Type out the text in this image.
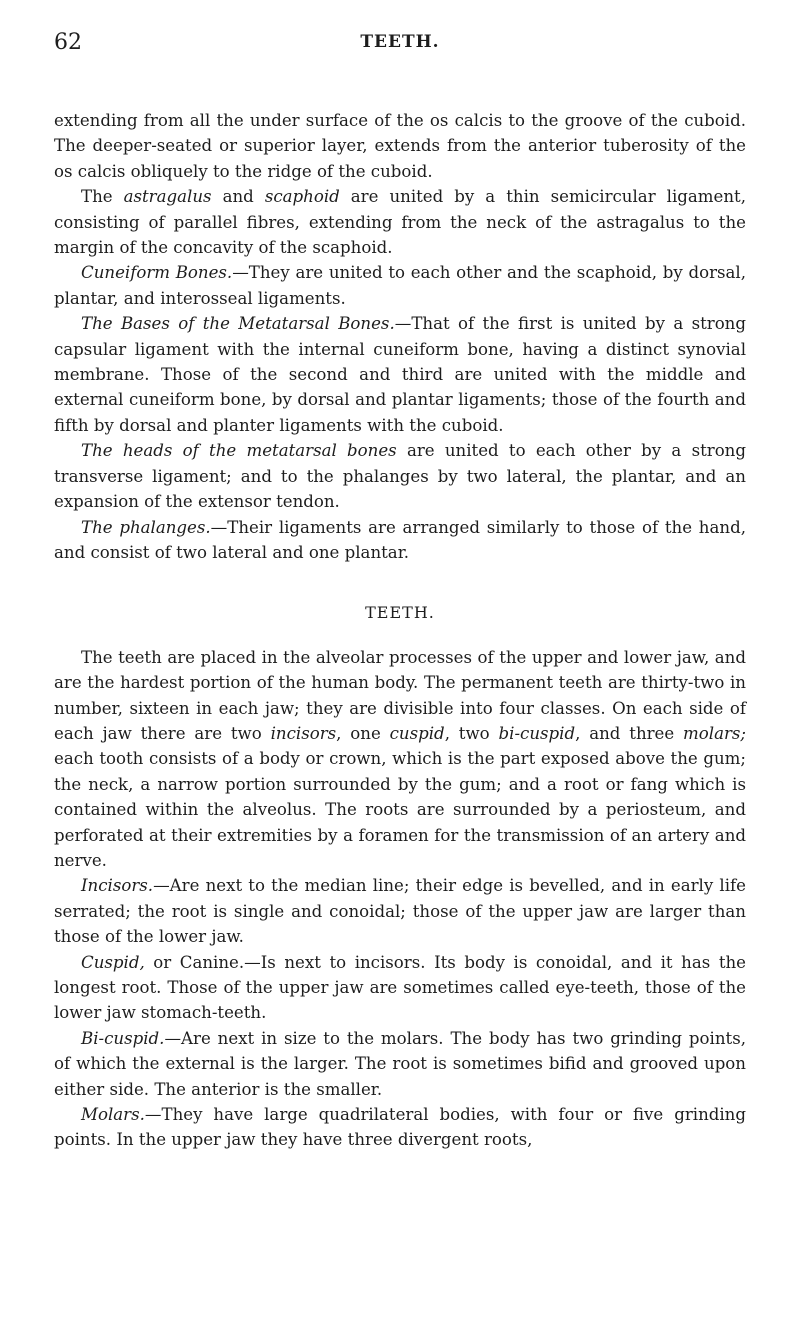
62	TEETH.

extending from all the under surface of the os calcis to the groove of the cuboid. The deeper-seated or superior layer, extends from the anterior tuberosity of the os calcis obliquely to the ridge of the cuboid.

The astragalus and scaphoid are united by a thin semicircular ligament, consisting of parallel fibres, extending from the neck of the astragalus to the margin of the concavity of the scaphoid.

Cuneiform Bones.—They are united to each other and the scaphoid, by dorsal, plantar, and interosseal ligaments.

The Bases of the Metatarsal Bones.—That of the first is united by a strong capsular ligament with the internal cuneiform bone, having a distinct synovial membrane. Those of the second and third are united with the middle and external cuneiform bone, by dorsal and plantar ligaments; those of the fourth and fifth by dorsal and planter ligaments with the cuboid.

The heads of the metatarsal bones are united to each other by a strong transverse ligament; and to the phalanges by two lateral, the plantar, and an expansion of the extensor tendon.

The phalanges.—Their ligaments are arranged similarly to those of the hand, and consist of two lateral and one plantar.

TEETH.

The teeth are placed in the alveolar processes of the upper and lower jaw, and are the hardest portion of the human body. The permanent teeth are thirty-two in number, sixteen in each jaw; they are divisible into four classes. On each side of each jaw there are two incisors, one cuspid, two bi-cuspid, and three molars; each tooth consists of a body or crown, which is the part exposed above the gum; the neck, a narrow portion surrounded by the gum; and a root or fang which is contained within the alveolus. The roots are surrounded by a periosteum, and perforated at their extremities by a foramen for the transmission of an artery and nerve.

Incisors.—Are next to the median line; their edge is bevelled, and in early life serrated; the root is single and conoidal; those of the upper jaw are larger than those of the lower jaw.

Cuspid, or Canine.—Is next to incisors. Its body is conoidal, and it has the longest root. Those of the upper jaw are sometimes called eye-teeth, those of the lower jaw stomach-teeth.

Bi-cuspid.—Are next in size to the molars. The body has two grinding points, of which the external is the larger. The root is sometimes bifid and grooved upon either side. The anterior is the smaller.

Molars.—They have large quadrilateral bodies, with four or five grinding points. In the upper jaw they have three divergent roots,
